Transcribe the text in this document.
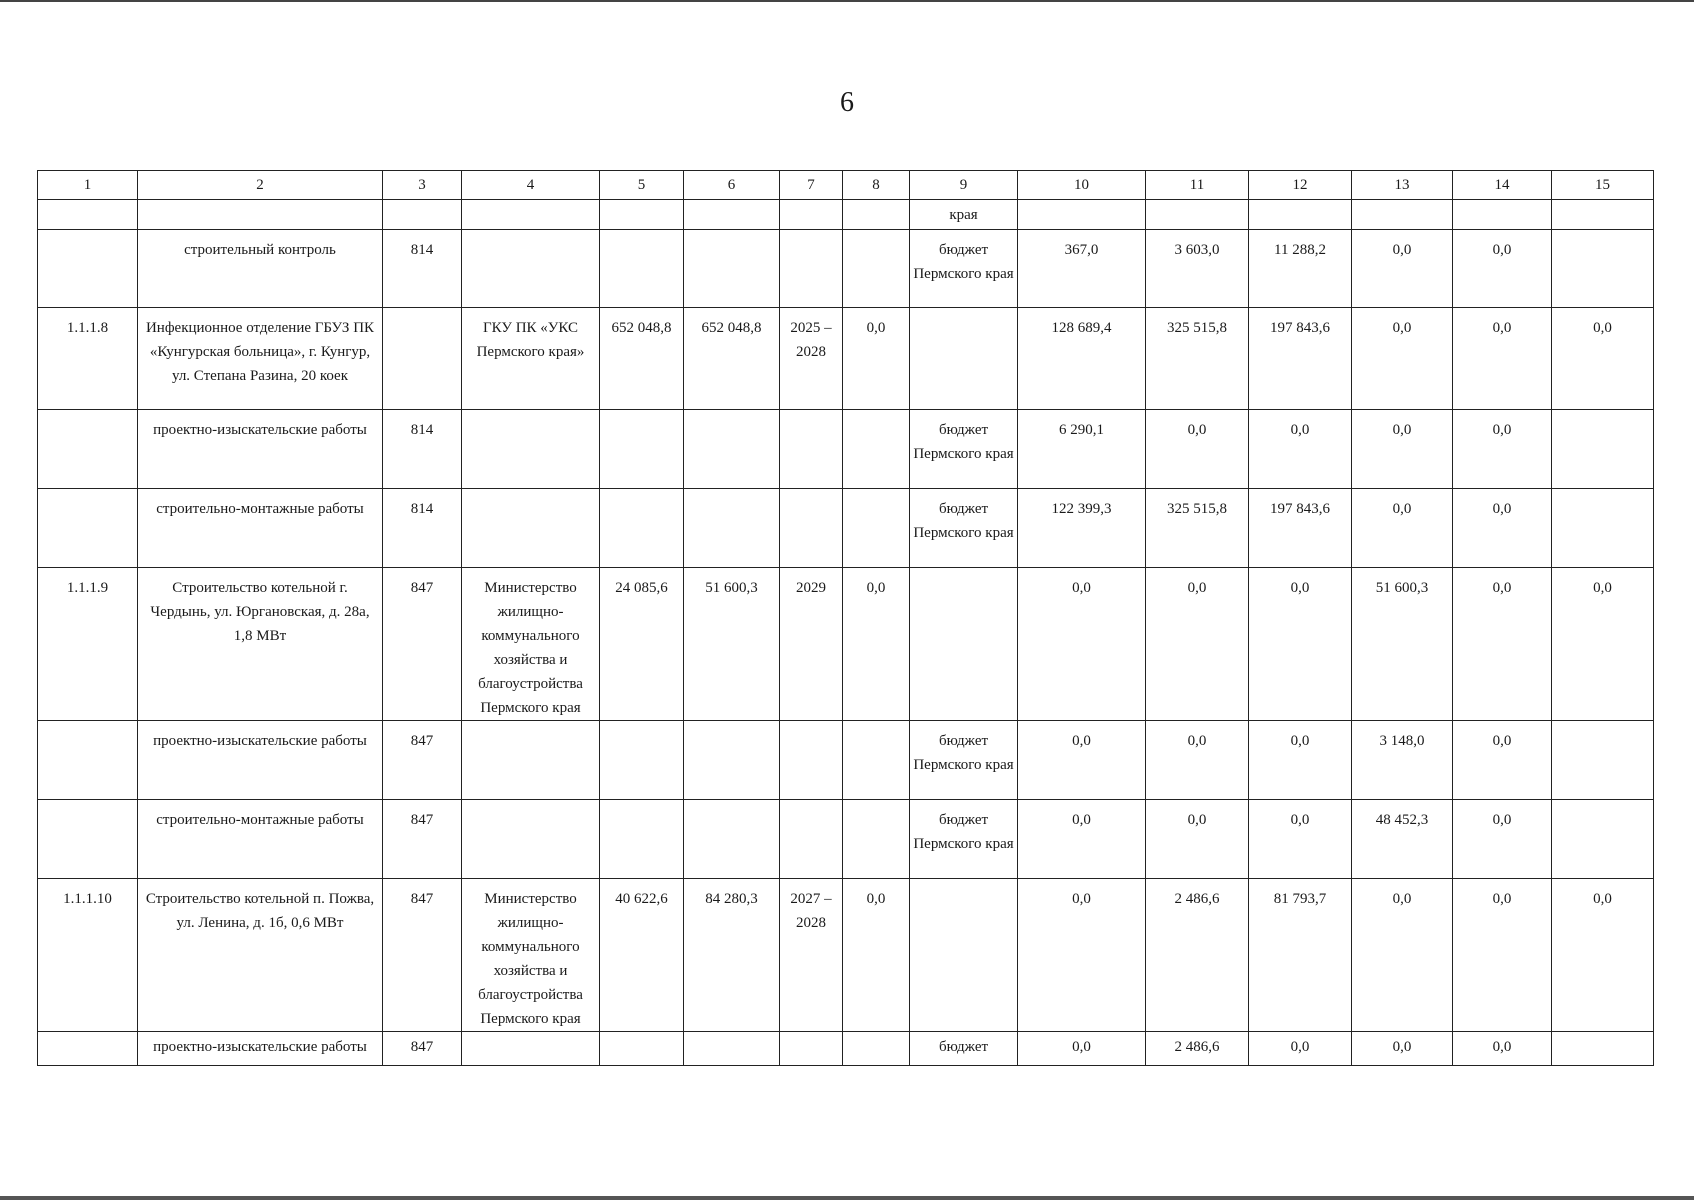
6
1	2	3	4	5	6	7	8	9	10	11	12	13	14	15
								края						
	строительный контроль	814						бюджет Пермского края	367,0	3 603,0	11 288,2	0,0	0,0	
1.1.1.8	Инфекционное отделение ГБУЗ ПК «Кунгурская больница», г. Кунгур, ул. Степана Разина, 20 коек		ГКУ ПК «УКС Пермского края»	652 048,8	652 048,8	2025 – 2028	0,0		128 689,4	325 515,8	197 843,6	0,0	0,0	0,0
	проектно-изыскательские работы	814						бюджет Пермского края	6 290,1	0,0	0,0	0,0	0,0	
	строительно-монтажные работы	814						бюджет Пермского края	122 399,3	325 515,8	197 843,6	0,0	0,0	
1.1.1.9	Строительство котельной г. Чердынь, ул. Юргановская, д. 28а, 1,8 МВт	847	Министерство жилищно-коммунального хозяйства и благоустройства Пермского края	24 085,6	51 600,3	2029	0,0		0,0	0,0	0,0	51 600,3	0,0	0,0
	проектно-изыскательские работы	847						бюджет Пермского края	0,0	0,0	0,0	3 148,0	0,0	
	строительно-монтажные работы	847						бюджет Пермского края	0,0	0,0	0,0	48 452,3	0,0	
1.1.1.10	Строительство котельной п. Пожва, ул. Ленина, д. 1б, 0,6 МВт	847	Министерство жилищно-коммунального хозяйства и благоустройства Пермского края	40 622,6	84 280,3	2027 – 2028	0,0		0,0	2 486,6	81 793,7	0,0	0,0	0,0
	проектно-изыскательские работы	847						бюджет	0,0	2 486,6	0,0	0,0	0,0	
